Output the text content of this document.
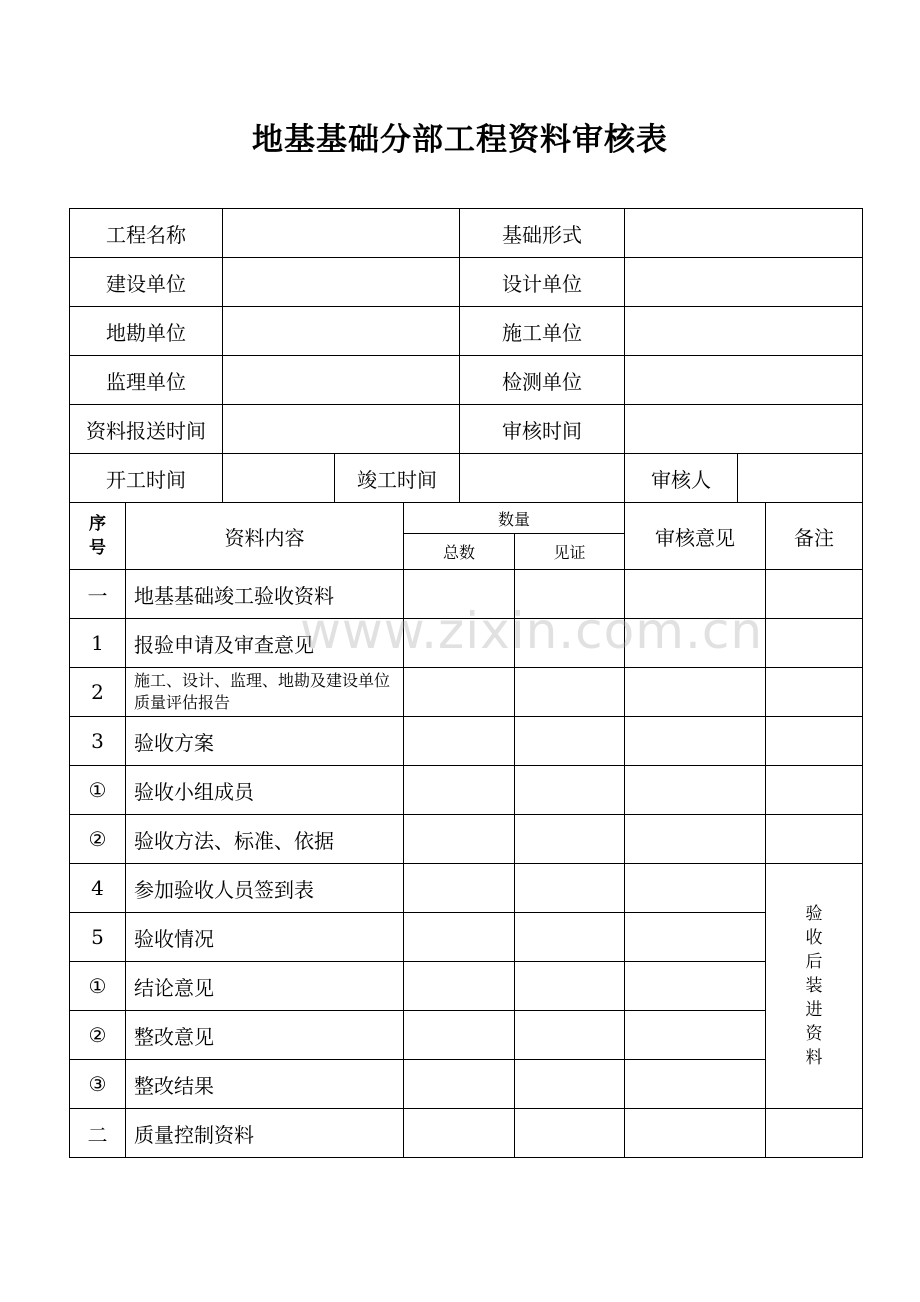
地基基础分部工程资料审核表
工程名称			基础形式		
建设单位			设计单位		
地勘单位			施工单位		
监理单位			检测单位		
资料报送时间			审核时间		
开工时间		竣工时间		审核人	
序号	资料内容	数量		审核意见	备注
		总数	见证		
一	地基基础竣工验收资料				
1	报验申请及审查意见				
2	施工、设计、监理、地勘及建设单位质量评估报告				
3	验收方案				
①	验收小组成员				
②	验收方法、标准、依据				
4	参加验收人员签到表				验收后装进资料

5	验收情况				
①	结论意见				
②	整改意见				
③	整改结果				
二	质量控制资料				
www.zixin.com.cn
